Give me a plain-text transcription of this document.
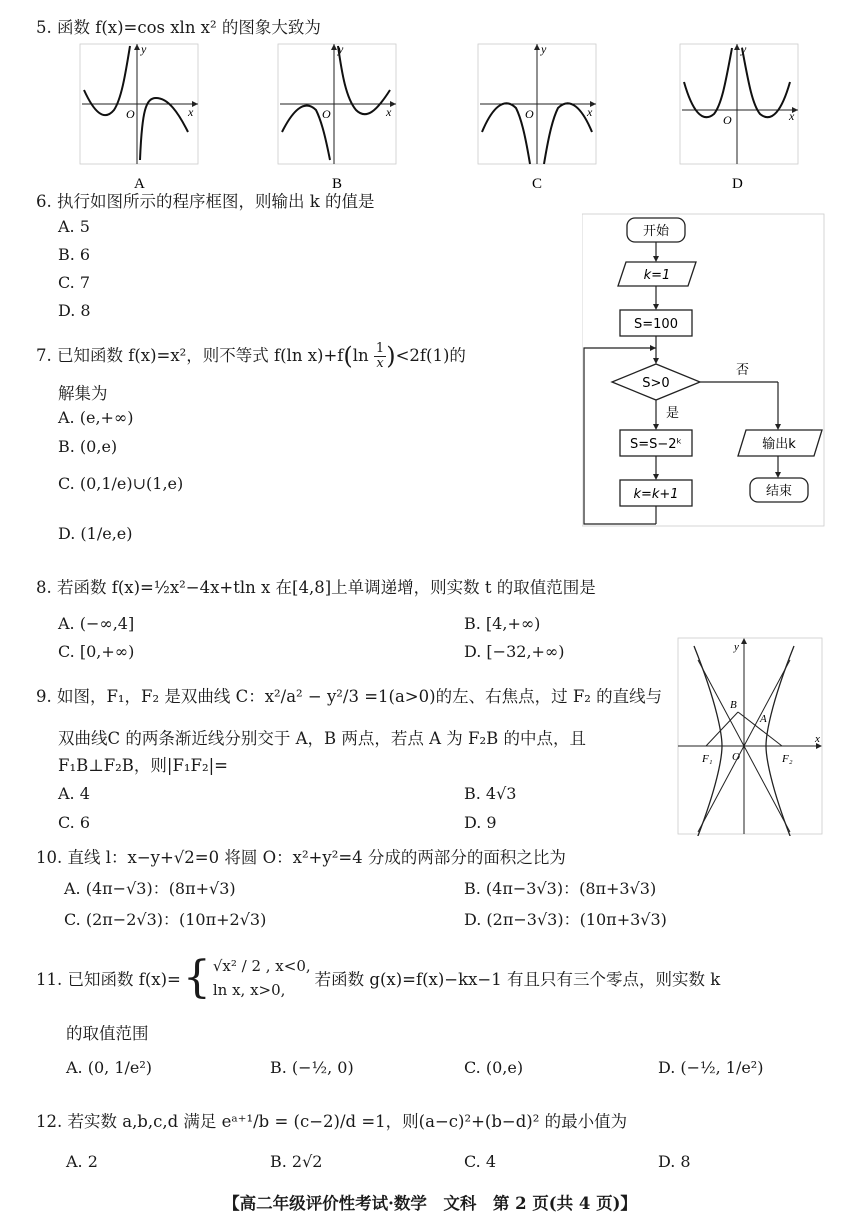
5. 函数 f(x)=cos xln x² 的图象大致为
y
x
O
A
y
x
O
B
y
x
O
C
y
x
O
D
6. 执行如图所示的程序框图，则输出 k 的值是
A. 5
B. 6
C. 7
D. 8
开始
k=1
S=100
S>0
否
是
S=S−2ᵏ
k=k+1
输出k
结束
7. 已知函数 f(x)=x²，则不等式 f(ln $x)+f(\ln \frac{1}{x} )<2f(1)$的
解集为
A. (e,+∞)
B. (0,e)
C. (0,1/e)∪(1,e)
D. (1/e,e)
8. 若函数 f(x)=½x²−4x+tln x 在[4,8]上单调递增，则实数 t 的取值范围是
A. (−∞,4]	B. [4,+∞)
C. [0,+∞)	D. [−32,+∞)
9. 如图，F₁，F₂ 是双曲线 C：x²/a² − y²/3 =1(a>0)的左、右焦点，过 F₂ 的直线与
双曲线C 的两条渐近线分别交于 A，B 两点，若点 A 为 F₂B 的中点，且
F₁B⊥F₂B，则|F₁F₂|=
A. 4	B. 4√3
C. 6	D. 9
y
x
O
B
A
F₁	F₂
10. 直线 l：x−y+√2=0 将圆 O：x²+y²=4 分成的两部分的面积之比为
A. (4π−√3)：(8π+√3)	B. (4π−3√3)：(8π+3√3)
C. (2π−2√3)：(10π+2√3)	D. (2π−3√3)：(10π+3√3)
11. 已知函数 f(x)= { √x² / 2 , x<0,
ln x, x>0,
若函数 g(x)=f(x)−kx−1 有且只有三个零点，则实数 k
的取值范围
A. (0, 1/e²)	B. (−½, 0)	C. (0,e)	D. (−½, 1/e²)
12. 若实数 a,b,c,d 满足 eᵃ⁺¹/b = (c−2)/d =1，则(a−c)²+(b−d)² 的最小值为
A. 2	B. 2√2	C. 4	D. 8
【高二年级评价性考试·数学　文科　第 2 页(共 4 页)】
